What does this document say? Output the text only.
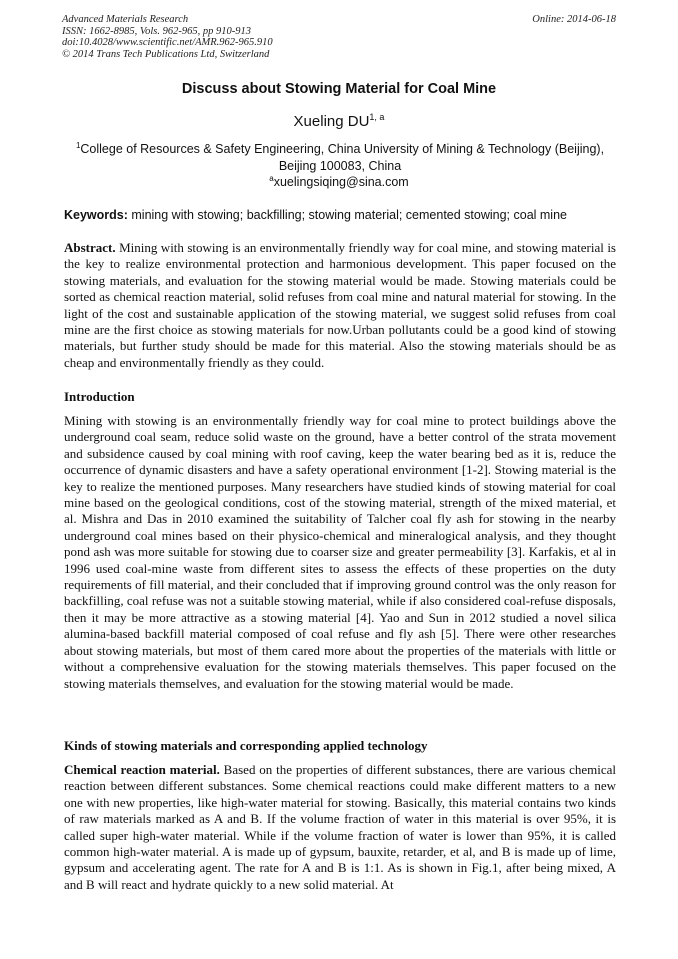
Advanced Materials Research
ISSN: 1662-8985, Vols. 962-965, pp 910-913
doi:10.4028/www.scientific.net/AMR.962-965.910
© 2014 Trans Tech Publications Ltd, Switzerland
Online: 2014-06-18
Discuss about Stowing Material for Coal Mine
Xueling DU$^{1, a}$
$^1$College of Resources & Safety Engineering, China University of Mining & Technology (Beijing), Beijing 100083, China
$^a$xuelingsiqing@sina.com
Keywords: mining with stowing; backfilling; stowing material; cemented stowing; coal mine
Abstract. Mining with stowing is an environmentally friendly way for coal mine, and stowing material is the key to realize environmental protection and harmonious development. This paper focused on the stowing materials, and evaluation for the stowing material would be made. Stowing materials could be sorted as chemical reaction material, solid refuses from coal mine and natural material for stowing. In the light of the cost and sustainable application of the stowing material, we suggest solid refuses from coal mine are the first choice as stowing materials for now.Urban pollutants could be a good kind of stowing materials, but further study should be made for this material. Also the stowing materials should be as cheap and environmentally friendly as they could.
Introduction
Mining with stowing is an environmentally friendly way for coal mine to protect buildings above the underground coal seam, reduce solid waste on the ground, have a better control of the strata movement and subsidence caused by coal mining with roof caving, keep the water bearing bed as it is, reduce the occurrence of dynamic disasters and have a safety operational environment [1-2]. Stowing material is the key to realize the mentioned purposes. Many researchers have studied kinds of stowing material for coal mine based on the geological conditions, cost of the stowing material, strength of the mixed material, et al. Mishra and Das in 2010 examined the suitability of Talcher coal fly ash for stowing in the nearby underground coal mines based on their physico-chemical and mineralogical analysis, and they thought pond ash was more suitable for stowing due to coarser size and greater permeability [3]. Karfakis, et al in 1996 used coal-mine waste from different sites to assess the effects of these properties on the duty requirements of fill material, and their concluded that if improving ground control was the only reason for backfilling, coal refuse was not a suitable stowing material, while if also considered coal-refuse disposals, then it may be more attractive as a stowing material [4]. Yao and Sun in 2012 studied a novel silica alumina-based backfill material composed of coal refuse and fly ash [5]. There were other researches about stowing materials, but most of them cared more about the properties of the materials with little or without a comprehensive evaluation for the stowing materials themselves. This paper focused on the stowing materials themselves, and evaluation for the stowing material would be made.
Kinds of stowing materials and corresponding applied technology
Chemical reaction material. Based on the properties of different substances, there are various chemical reaction between different substances. Some chemical reactions could make different matters to a new one with new properties, like high-water material for stowing. Basically, this material contains two kinds of raw materials marked as A and B. If the volume fraction of water in this material is over 95%, it is called super high-water material. While if the volume fraction of water is lower than 95%, it is called common high-water material. A is made up of gypsum, bauxite, retarder, et al, and B is made up of lime, gypsum and accelerating agent. The rate for A and B is 1:1. As is shown in Fig.1, after being mixed, A and B will react and hydrate quickly to a new solid material. At
